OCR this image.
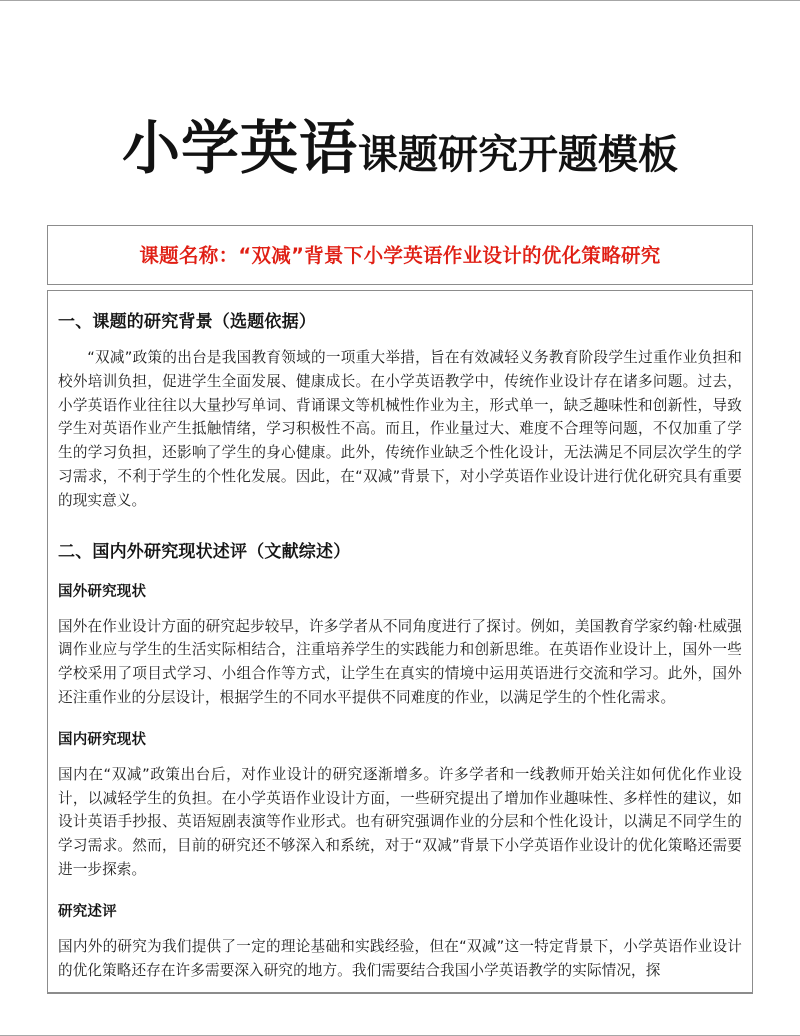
小学英语课题研究开题模板
课题名称：“双减”背景下小学英语作业设计的优化策略研究
一、课题的研究背景（选题依据）

“双减”政策的出台是我国教育领域的一项重大举措，旨在有效减轻义务教育阶段学生过重作业负担和校外培训负担，促进学生全面发展、健康成长。在小学英语教学中，传统作业设计存在诸多问题。过去，小学英语作业往往以大量抄写单词、背诵课文等机械性作业为主，形式单一，缺乏趣味性和创新性，导致学生对英语作业产生抵触情绪，学习积极性不高。而且，作业量过大、难度不合理等问题，不仅加重了学生的学习负担，还影响了学生的身心健康。此外，传统作业缺乏个性化设计，无法满足不同层次学生的学习需求，不利于学生的个性化发展。因此，在“双减”背景下，对小学英语作业设计进行优化研究具有重要的现实意义。

二、国内外研究现状述评（文献综述）
国外研究现状

国外在作业设计方面的研究起步较早，许多学者从不同角度进行了探讨。例如，美国教育学家约翰·杜威强调作业应与学生的生活实际相结合，注重培养学生的实践能力和创新思维。在英语作业设计上，国外一些学校采用了项目式学习、小组合作等方式，让学生在真实的情境中运用英语进行交流和学习。此外，国外还注重作业的分层设计，根据学生的不同水平提供不同难度的作业，以满足学生的个性化需求。

国内研究现状

国内在“双减”政策出台后，对作业设计的研究逐渐增多。许多学者和一线教师开始关注如何优化作业设计，以减轻学生的负担。在小学英语作业设计方面，一些研究提出了增加作业趣味性、多样性的建议，如设计英语手抄报、英语短剧表演等作业形式。也有研究强调作业的分层和个性化设计，以满足不同学生的学习需求。然而，目前的研究还不够深入和系统，对于“双减”背景下小学英语作业设计的优化策略还需要进一步探索。

研究述评

国内外的研究为我们提供了一定的理论基础和实践经验，但在“双减”这一特定背景下，小学英语作业设计的优化策略还存在许多需要深入研究的地方。我们需要结合我国小学英语教学的实际情况，探
